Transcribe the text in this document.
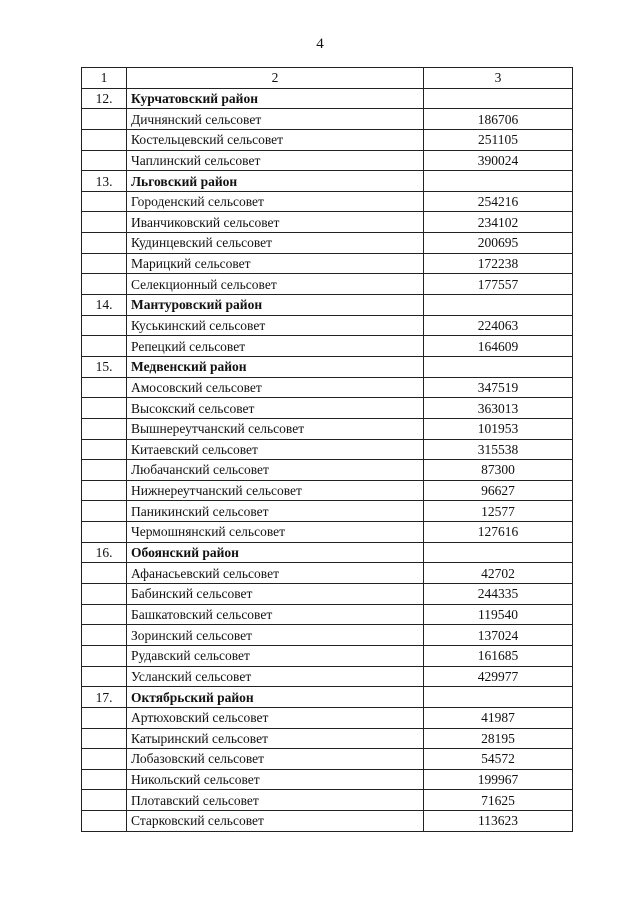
4
1	2	3
12.	Курчатовский район	
	Дичнянский сельсовет	186706
	Костельцевский сельсовет	251105
	Чаплинский сельсовет	390024
13.	Льговский район	
	Городенский сельсовет	254216
	Иванчиковский сельсовет	234102
	Кудинцевский сельсовет	200695
	Марицкий сельсовет	172238
	Селекционный сельсовет	177557
14.	Мантуровский район	
	Куськинский сельсовет	224063
	Репецкий сельсовет	164609
15.	Медвенский район	
	Амосовский сельсовет	347519
	Высокский сельсовет	363013
	Вышнереутчанский сельсовет	101953
	Китаевский сельсовет	315538
	Любачанский сельсовет	87300
	Нижнереутчанский сельсовет	96627
	Паникинский сельсовет	12577
	Чермошнянский сельсовет	127616
16.	Обоянский район	
	Афанасьевский сельсовет	42702
	Бабинский сельсовет	244335
	Башкатовский сельсовет	119540
	Зоринский сельсовет	137024
	Рудавский сельсовет	161685
	Усланский сельсовет	429977
17.	Октябрьский район	
	Артюховский сельсовет	41987
	Катыринский сельсовет	28195
	Лобазовский сельсовет	54572
	Никольский сельсовет	199967
	Плотавский сельсовет	71625
	Старковский сельсовет	113623
